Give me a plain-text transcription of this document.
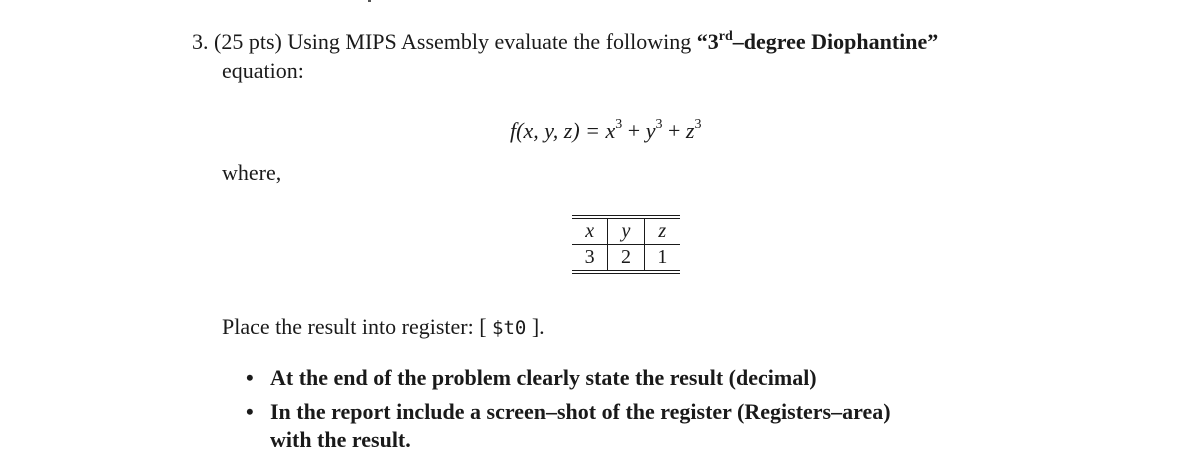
3. (25 pts) Using MIPS Assembly evaluate the following “3rd–degree Diophantine”
equation:
f(x, y, $z) = x^3 + y^3 + z^3$
where,
x	y	z
3	2	1
Place the result into register: [ $t0 ].
• At the end of the problem clearly state the result (decimal)
• In the report include a screen–shot of the register (Registers–area)
with the result.
